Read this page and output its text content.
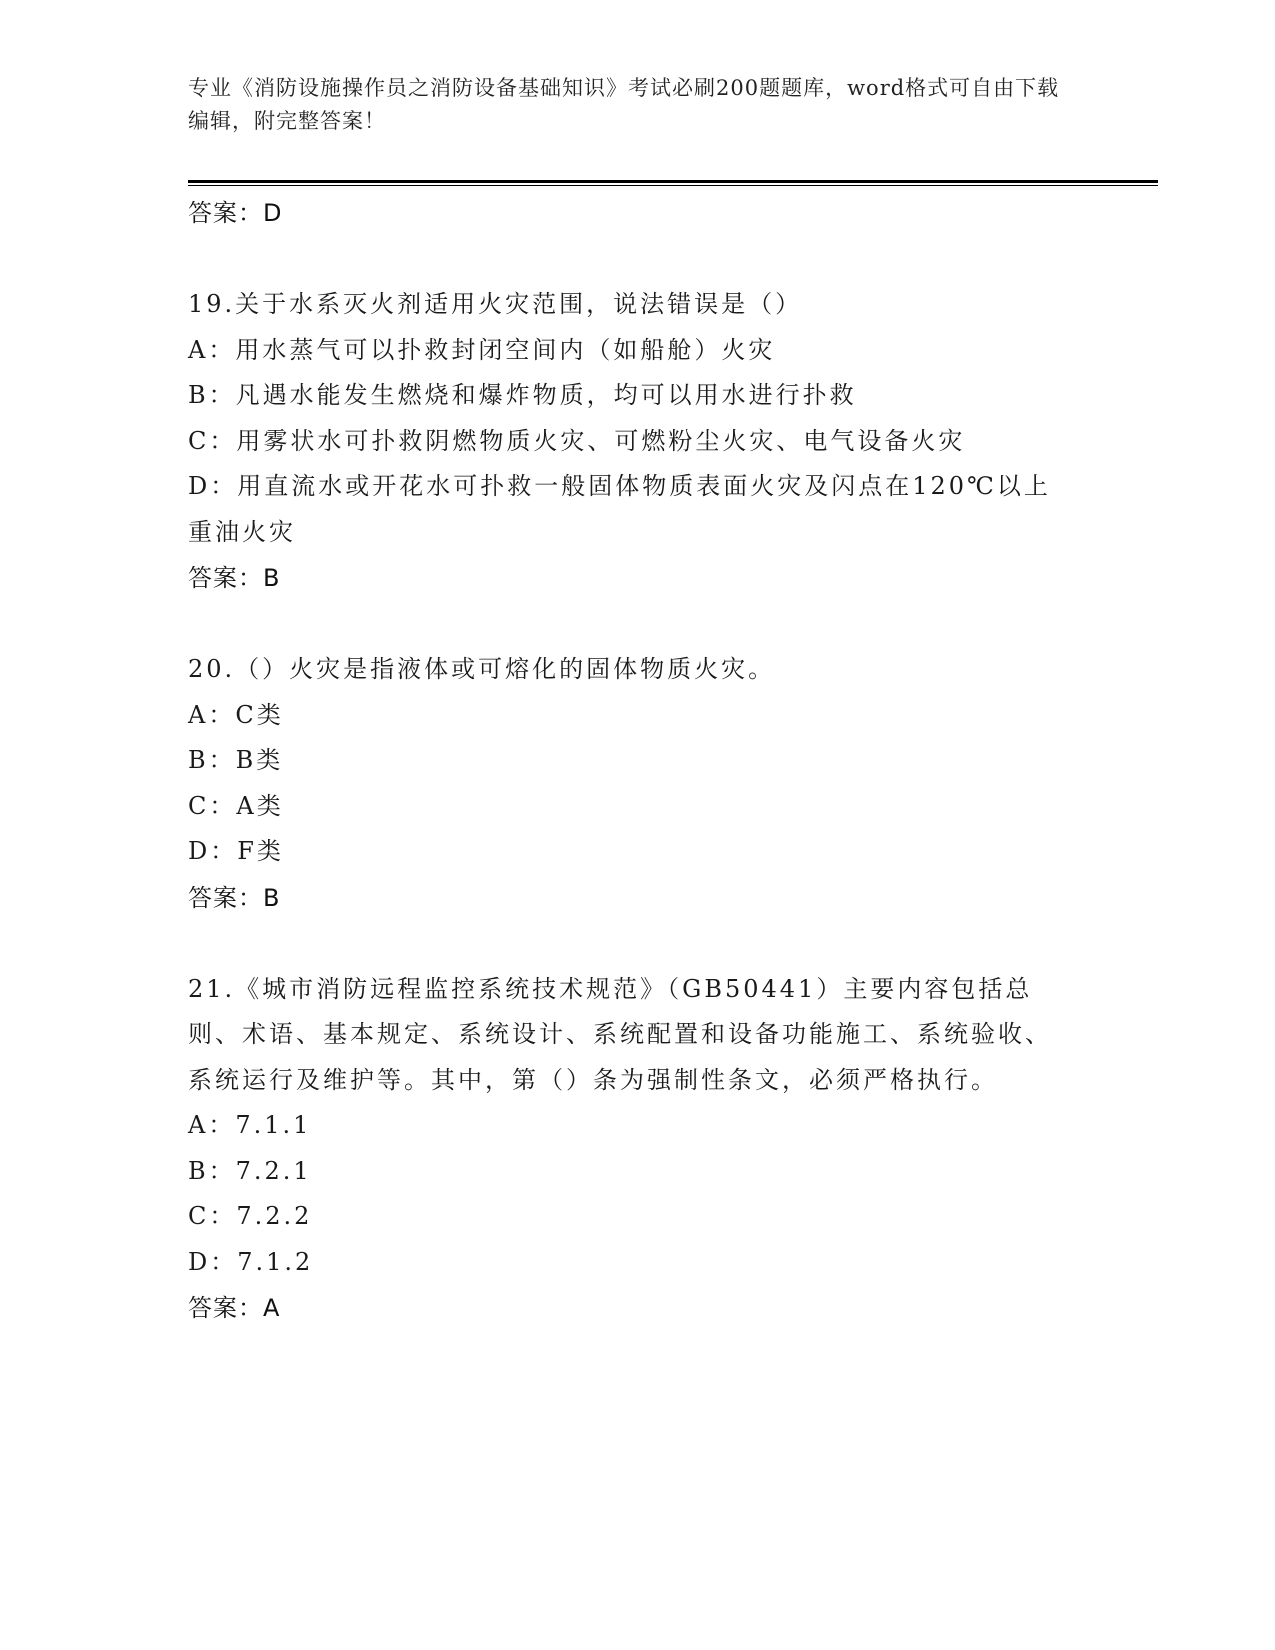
专业《消防设施操作员之消防设备基础知识》考试必刷200题题库，word格式可自由下载编辑，附完整答案！
答案：D
19.关于水系灭火剂适用火灾范围，说法错误是（）
A：用水蒸气可以扑救封闭空间内（如船舱）火灾
B：凡遇水能发生燃烧和爆炸物质，均可以用水进行扑救
C：用雾状水可扑救阴燃物质火灾、可燃粉尘火灾、电气设备火灾
D：用直流水或开花水可扑救一般固体物质表面火灾及闪点在120℃以上重油火灾
答案：B
20.（）火灾是指液体或可熔化的固体物质火灾。
A：C类
B：B类
C：A类
D：F类
答案：B
21.《城市消防远程监控系统技术规范》（GB50441）主要内容包括总则、术语、基本规定、系统设计、系统配置和设备功能施工、系统验收、系统运行及维护等。其中，第（）条为强制性条文，必须严格执行。
A：7.1.1
B：7.2.1
C：7.2.2
D：7.1.2
答案：A
